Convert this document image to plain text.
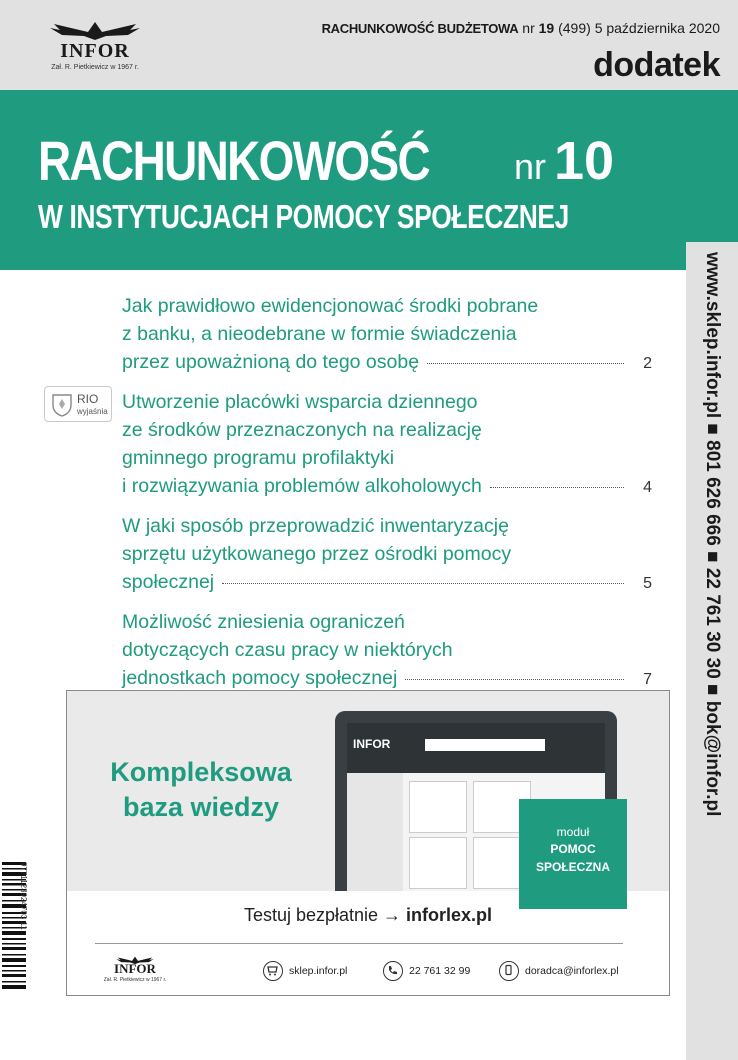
INFOR
Zał. R. Pietkiewicz w 1967 r.
RACHUNKOWOŚĆ BUDŻETOWA nr 19 (499) 5 października 2020
dodatek
RACHUNKOWOŚĆ nr 10
W INSTYTUCJACH POMOCY SPOŁECZNEJ
www.sklep.infor.pl ■ 801 626 666 ■ 22 761 30 30 ■ bok@infor.pl
RIO
wyjaśnia
Jak prawidłowo ewidencjonować środki pobrane
z banku, a nieodebrane w formie świadczenia
przez upoważnioną do tego osobę	2
Utworzenie placówki wsparcia dziennego
ze środków przeznaczonych na realizację
gminnego programu profilaktyki
i rozwiązywania problemów alkoholowych	4
W jaki sposób przeprowadzić inwentaryzację
sprzętu użytkowanego przez ośrodki pomocy
społecznej	5
Możliwość zniesienia ograniczeń
dotyczących czasu pracy w niektórych
jednostkach pomocy społecznej	7
9771123924703 11
Kompleksowa
baza wiedzy
INFOR
moduł
POMOC
SPOŁECZNA
Testuj bezpłatnie → inforlex.pl
INFOR
Zał. R. Pietkiewicz w 1967 r.
sklep.infor.pl	22 761 32 99	doradca@inforlex.pl
